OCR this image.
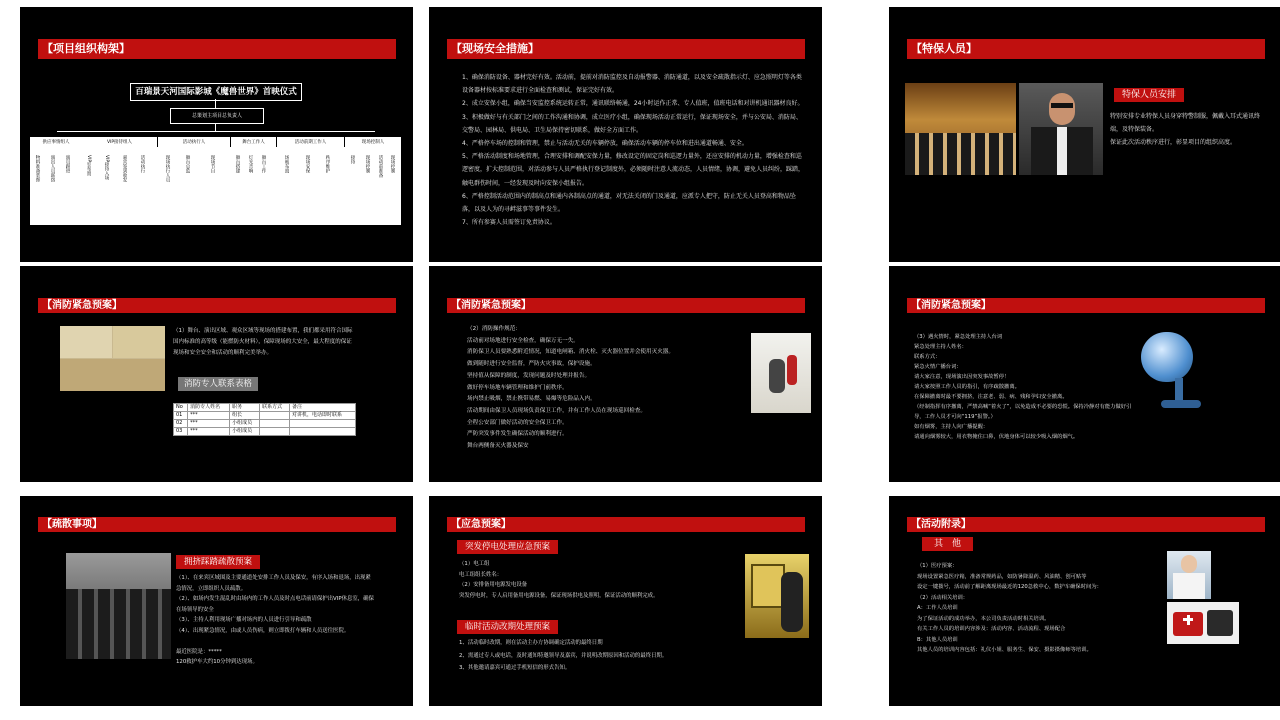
【项目组织构架】
百瑞景天河国际影城《魔兽世界》首映仪式
总策划主项目总负责人
供应事情组人	VIP接待组人	活动执行人	舞台工作人	活动前期工作人	现场控制人
物料准备装饰 演出人员联络 演员跟进	VIP室布置	VIP接待入场	嘉宾签到收发	活动执行	现场执行人员	舞台总监	现场节目	舞台搭建 灯光音响 舞台工作	场地布置	现场安保	秩序维护	接待 现场控制 活动前准备 现场控制
【现场安全措施】
1、确保消防设备、器材完好有效。活动前，提前对消防监控及自动报警器、消防通道，以及安全疏散指示灯、应急照明灯等各类设备器材按标准要求进行全面检查和测试，保证完好有效。
2、成立安保小组，确保当安监控系统运转正常，通讯联络畅通，24小时运作正常、专人值班，值班电话和对讲机通讯器材良好。
3、积极做好与有关部门之间的工作沟通和协调，成立医疗小组，确保现场活动正常运行，保证现场安全，并与公安局、消防局、交警局、园林局、供电局、卫生局保持密切联系，做好全方面工作。
4、严格停车场的控制和管理，禁止与活动无关的车辆停放，确保活动车辆的停车位和进出通道畅通、安全。
5、严格活动制度和场地管理，合理安排和调配安保力量，修改设定的固定岗和巡逻力量外，还应安排的机动力量，增强检查和巡逻密度，扩大控制范围，对活动参与人员严格执行登记制度外，必须随时注意人流动态，人员情绪，协调，避免人员纠纷，踩踏，触电群伤时间，一经发现及时向安保小组报告。
6、严格控制活动范围内的制高点和通内各制高点的通道，对无法关闭的门及通道，应派专人把守，防止无关人员登高和物品坠落，以及人为的寻衅滋事等事件发生。
7、所有参赛人员需签订免责协议。
【特保人员】
特保人员安排
特别安排专业特保人员身穿特警制服，佩戴入耳式通讯终端，及特保装备。
保证此次活动秩序进行，彰显项目的组织高度。
【消防紧急预案】
（1）舞台、演出区域、观众区域等现场的搭建布置，我们都采用符合国际国内标准的高等级（能燃防火材料），保障现场的大安全，最大程度的保证现场和安全安全和活动的顺利完美举办。
消防专人联系表格
No	消防专人姓名	职务	联系方式	备注
01	***	组长		对讲机，电话即时联系
02	***	小组成员		
03	***	小组成员		
【消防紧急预案】
（2）消防操作规范：
活动前对场地进行安全检查，确保万无一失。
消防保卫人员要熟悉附近情况，知道电闸箱、消火栓、灭火器位置并会使用灭火器。
做到随时进行安全监督，严防火灾事故，保护设施。
坚持值从保障的制度，发现问题及时处理并报告。
做好停车场地车辆管理和维护门前秩序。
场内禁止吸烟，禁止携带易燃、易爆等危险品入内。
活动期间由保卫人员现场负责保卫工作，并有工作人员在现场巡回检查。
全程公安部门做好活动的安全保卫工作。
严防突发事件发生确保活动的顺利进行。
舞台两侧备灭火器及保安
【消防紧急预案】
（3）遇火情时，紧急处理主持人台词
紧急处理主持人姓名：
联系方式：
紧急火情广播台词：
请大家注意，现场演出因突发事故暂停！
请大家按照工作人员的指引，有序疏散撤离。
在保障撤离时最不要拥挤，注意老、弱、病、残和孕妇安全撤离。
（经制指挥有序撤离，严禁高喊“着火了”，以免造成不必要的恐慌。保持冷静对有能力做好引导，工作人员才可向“119”报警。）
如有烟雾，主持人向广播提醒：
请通向烟雾较大，用衣物掩住口鼻，伏地身体可以较少吸入烟的烟气。
【疏散事项】
拥挤踩踏疏散预案
（1）、在来宾区域围及主要通道处安排工作人员及保安，有序入场和退场，出现紧急情况，立即组织人员疏散。
（2）、如场内发生混乱时由场内的工作人员及时点电话前请保护出VIP休息室，确保在场领导的安全
（3）、主持人利用现场广播对场内的人员进行引导和疏散
（4）、出现紧急情况，由或人员伤病，则立即拨打车辆和人员送往医院。

最近医院是：*****
120救护车大约10分钟到达现场。
【应急预案】
突发停电处理应急预案
（1）电工组
电工组组长姓名：
（2）安排备用电源发电设备
突发停电时，专人启用备用电源设备，保证现场供电及照明，保证活动的顺利完成。
临时活动改期处理预案
1、活动临时改期，则在活动主办方协调确定活动的最终日期
2、需通过专人或电话，及时通知特邀领导及嘉宾，并说明改期原因和活动的最终日期。
3、其他邀请嘉宾可通过手机短信的形式告知。
【活动附录】
其　他
（1）医疗预案：
现场设置紧急医疗箱，准备常规药品，如防暑降温药、风油精、创可贴等
设定一键拨号，活动前了解距离现场最近的120急救中心，数护车确保时间为：
（2）活动相关培训：
A：工作人员培训
为了保证活动的成功举办，本公司负责活动时相关培训。
有关工作人员的培训内容涉及：活动内容、活动流程、现场配合
B：其他人员培训
其他人员的培训内容包括：礼仪小姐、服务生、保安、摄影摄像师等培训。
